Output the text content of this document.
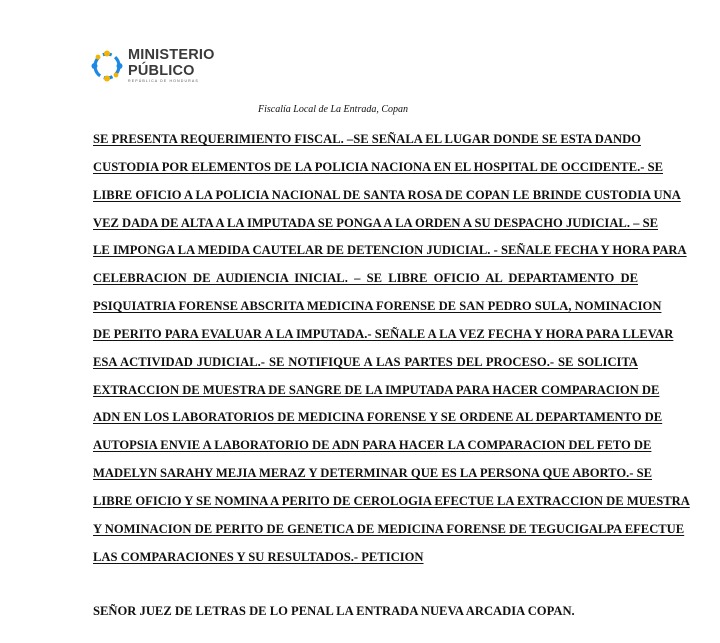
MINISTERIO
PÚBLICO
REPÚBLICA DE HONDURAS
Fiscalía Local de La Entrada, Copan
SE PRESENTA REQUERIMIENTO FISCAL. –SE SEÑALA EL LUGAR DONDE SE ESTA DANDO
CUSTODIA POR ELEMENTOS DE LA POLICIA NACIONA EN EL HOSPITAL DE OCCIDENTE.- SE
LIBRE OFICIO A LA POLICIA NACIONAL DE SANTA ROSA DE COPAN LE BRINDE CUSTODIA UNA
VEZ DADA DE ALTA A LA IMPUTADA SE PONGA A LA ORDEN A SU DESPACHO JUDICIAL. – SE
LE IMPONGA LA MEDIDA CAUTELAR DE DETENCION JUDICIAL. - SEÑALE FECHA Y HORA PARA
CELEBRACION DE AUDIENCIA INICIAL. – SE LIBRE OFICIO AL DEPARTAMENTO DE
PSIQUIATRIA FORENSE ABSCRITA MEDICINA FORENSE DE SAN PEDRO SULA, NOMINACION
DE PERITO PARA EVALUAR A LA IMPUTADA.- SEÑALE A LA VEZ FECHA Y HORA PARA LLEVAR
ESA ACTIVIDAD JUDICIAL.- SE NOTIFIQUE A LAS PARTES DEL PROCESO.- SE SOLICITA
EXTRACCION DE MUESTRA DE SANGRE DE LA IMPUTADA PARA HACER COMPARACION DE
ADN EN LOS LABORATORIOS DE MEDICINA FORENSE Y SE ORDENE AL DEPARTAMENTO DE
AUTOPSIA ENVIE A LABORATORIO DE ADN PARA HACER LA COMPARACION DEL FETO DE
MADELYN SARAHY MEJIA MERAZ Y DETERMINAR QUE ES LA PERSONA QUE ABORTO.- SE
LIBRE OFICIO Y SE NOMINA A PERITO DE CEROLOGIA EFECTUE LA EXTRACCION DE MUESTRA
Y NOMINACION DE PERITO DE GENETICA DE MEDICINA FORENSE DE TEGUCIGALPA EFECTUE
LAS COMPARACIONES Y SU RESULTADOS.- PETICION
SEÑOR JUEZ DE LETRAS DE LO PENAL LA ENTRADA NUEVA ARCADIA COPAN.
